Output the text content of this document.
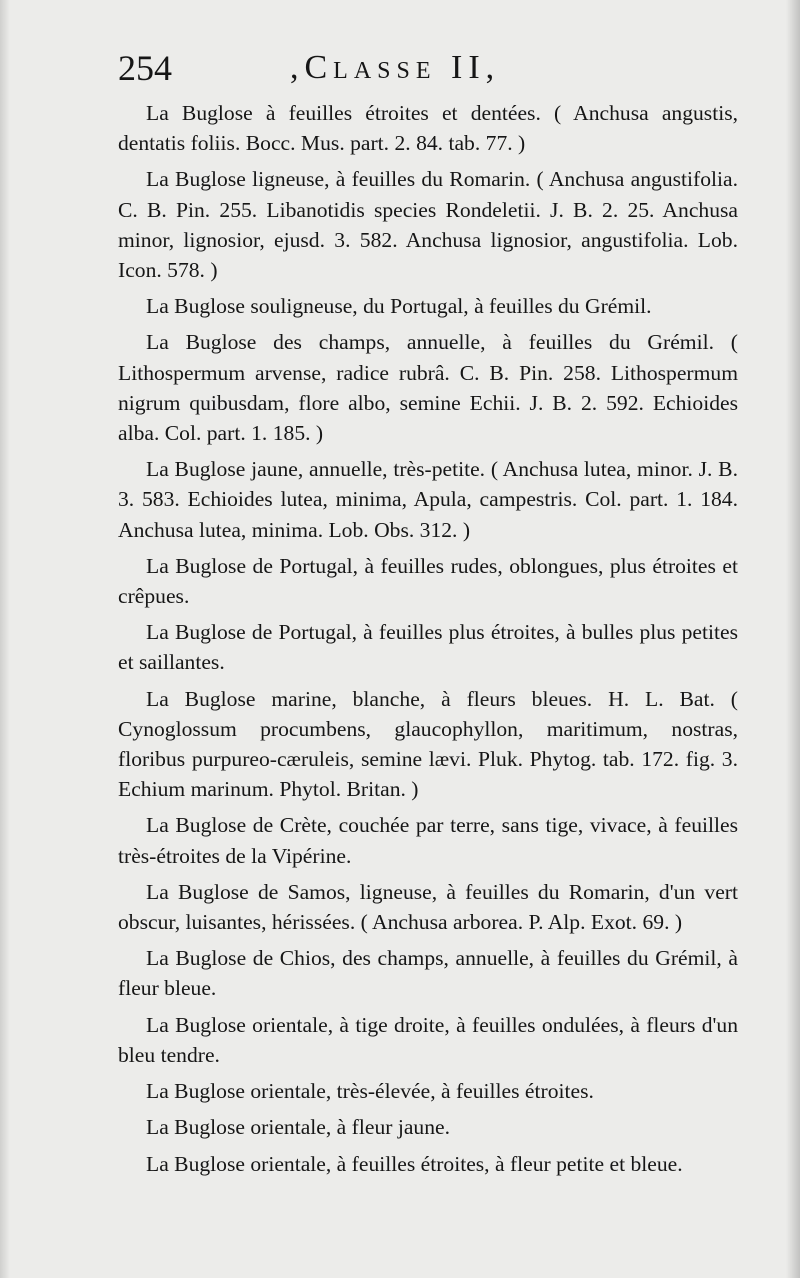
254	,Classe II,

La Buglose à feuilles étroites et dentées. ( Anchusa angustis, dentatis foliis. Bocc. Mus. part. 2. 84. tab. 77. )

La Buglose ligneuse, à feuilles du Romarin. ( Anchusa angustifolia. C. B. Pin. 255. Libanotidis species Rondeletii. J. B. 2. 25. Anchusa minor, lignosior, ejusd. 3. 582. Anchusa lignosior, angustifolia. Lob. Icon. 578. )

La Buglose souligneuse, du Portugal, à feuilles du Grémil.

La Buglose des champs, annuelle, à feuilles du Grémil. ( Lithospermum arvense, radice rubrâ. C. B. Pin. 258. Lithospermum nigrum quibusdam, flore albo, semine Echii. J. B. 2. 592. Echioides alba. Col. part. 1. 185. )

La Buglose jaune, annuelle, très-petite. ( Anchusa lutea, minor. J. B. 3. 583. Echioides lutea, minima, Apula, campestris. Col. part. 1. 184. Anchusa lutea, minima. Lob. Obs. 312. )

La Buglose de Portugal, à feuilles rudes, oblongues, plus étroites et crêpues.

La Buglose de Portugal, à feuilles plus étroites, à bulles plus petites et saillantes.

La Buglose marine, blanche, à fleurs bleues. H. L. Bat. ( Cynoglossum procumbens, glaucophyllon, maritimum, nostras, floribus purpureo-cæruleis, semine lævi. Pluk. Phytog. tab. 172. fig. 3. Echium marinum. Phytol. Britan. )

La Buglose de Crète, couchée par terre, sans tige, vivace, à feuilles très-étroites de la Vipérine.

La Buglose de Samos, ligneuse, à feuilles du Romarin, d'un vert obscur, luisantes, hérissées. ( Anchusa arborea. P. Alp. Exot. 69. )

La Buglose de Chios, des champs, annuelle, à feuilles du Grémil, à fleur bleue.

La Buglose orientale, à tige droite, à feuilles ondulées, à fleurs d'un bleu tendre.

La Buglose orientale, très-élevée, à feuilles étroites.

La Buglose orientale, à fleur jaune.

La Buglose orientale, à feuilles étroites, à fleur petite et bleue.
